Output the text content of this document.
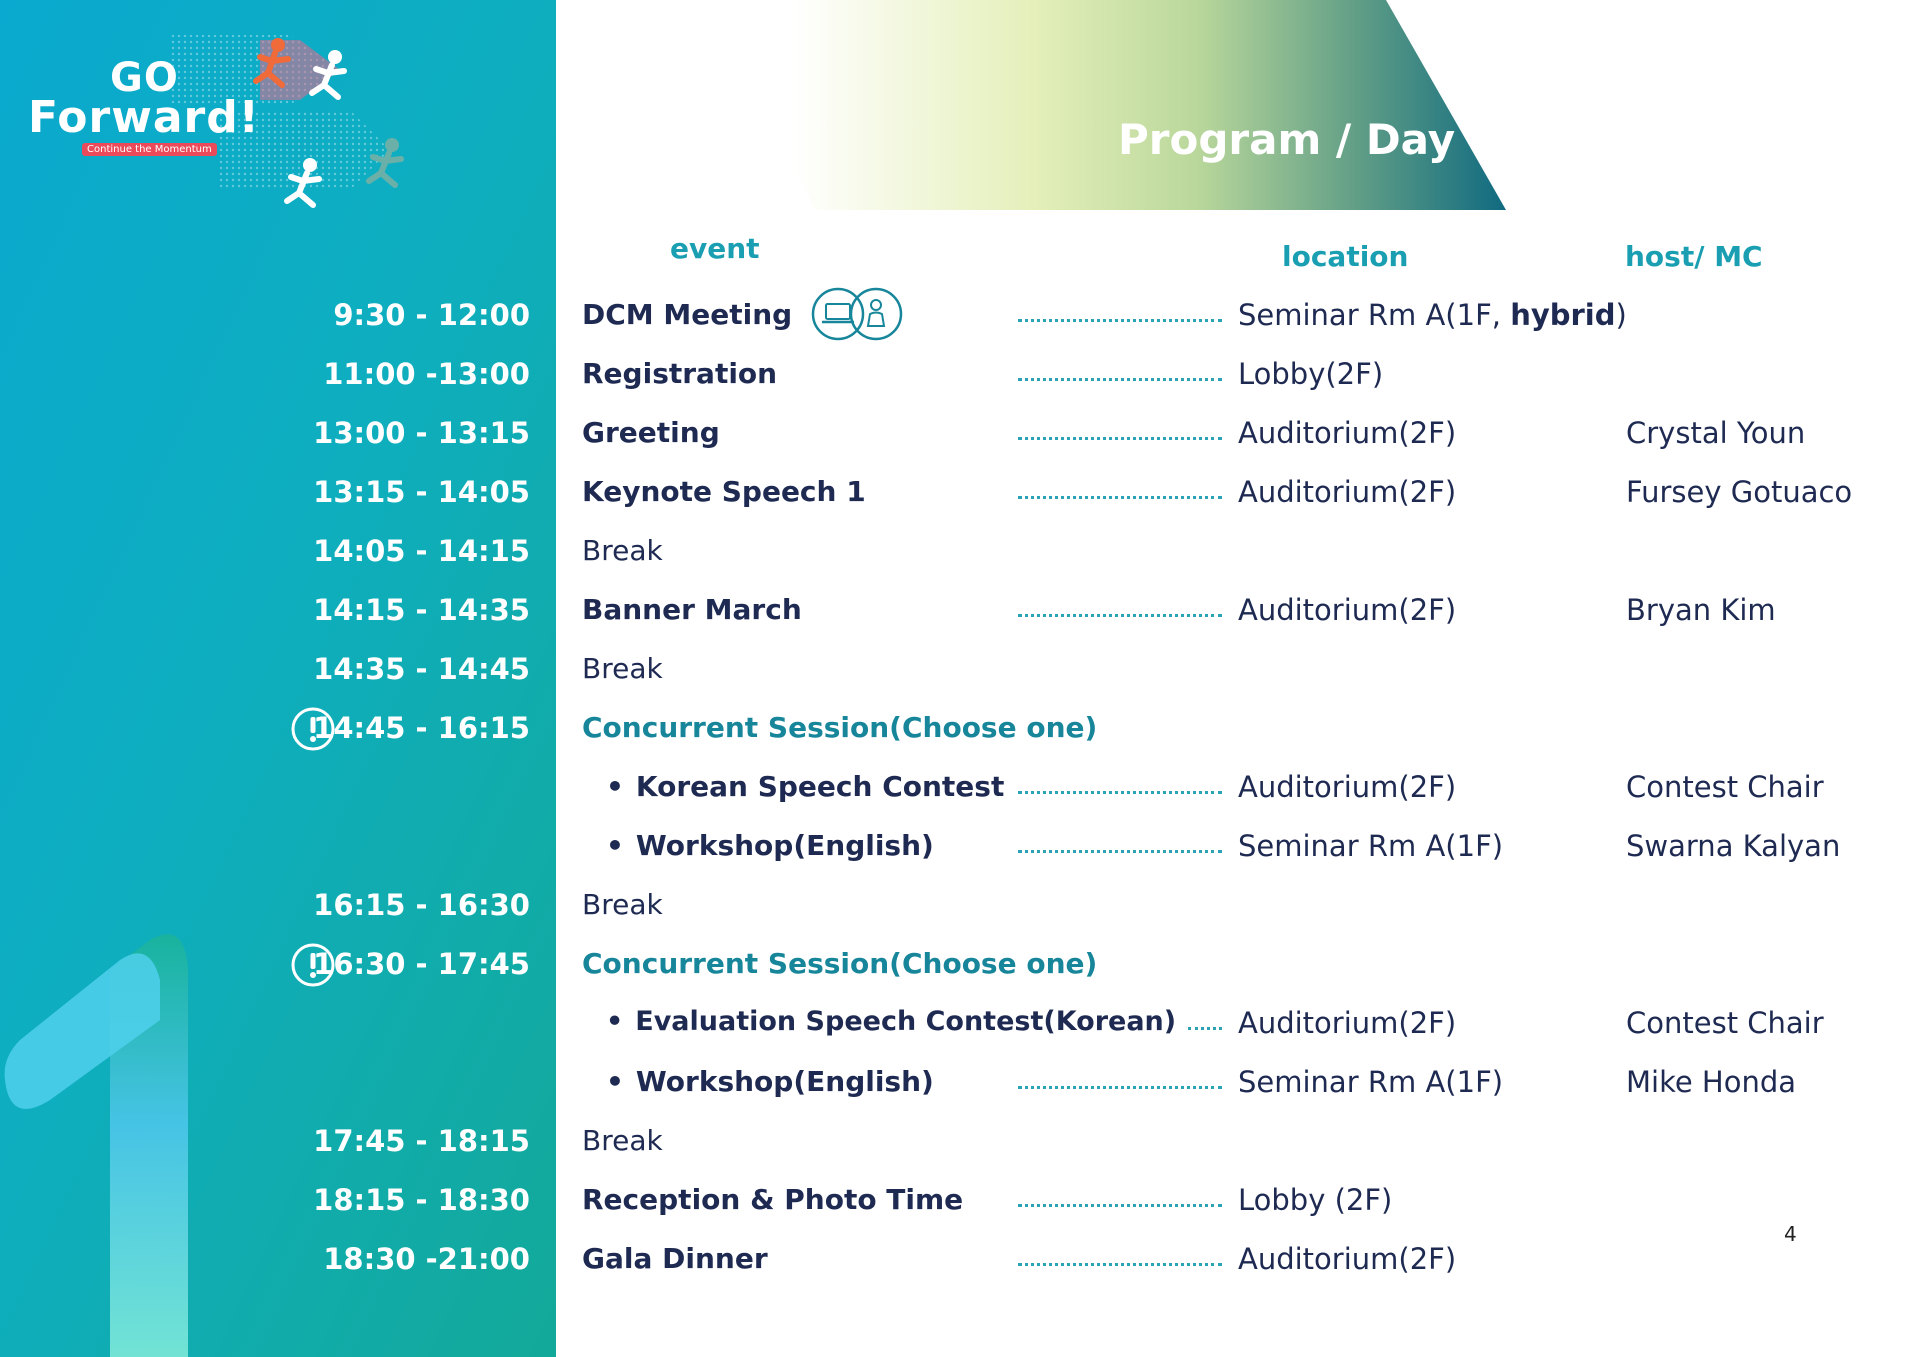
GO
Forward!
Continue the Momentum	Program / Day 1
event	location	host/ MC
9:30 - 12:00 DCM Meeting	Seminar Rm A(1F, hybrid)
11:00 -13:00 Registration	Lobby(2F)
13:00 - 13:15 Greeting	Auditorium(2F)	Crystal Youn
13:15 - 14:05 Keynote Speech 1	Auditorium(2F)	Fursey Gotuaco
14:05 - 14:15 Break
14:15 - 14:35 Banner March	Auditorium(2F)	Bryan Kim
14:35 - 14:45 Break
14:45 - 16:15 Concurrent Session(Choose one)
• Korean Speech Contest	Auditorium(2F)	Contest Chair
• Workshop(English)	Seminar Rm A(1F)	Swarna Kalyan
16:15 - 16:30 Break
16:30 - 17:45 Concurrent Session(Choose one)
• Evaluation Speech Contest(Korean) Auditorium(2F)	Contest Chair
• Workshop(English)	Seminar Rm A(1F)	Mike Honda
17:45 - 18:15 Break
18:15 - 18:30 Reception & Photo Time	Lobby (2F)
18:30 -21:00 Gala Dinner	Auditorium(2F)
4
